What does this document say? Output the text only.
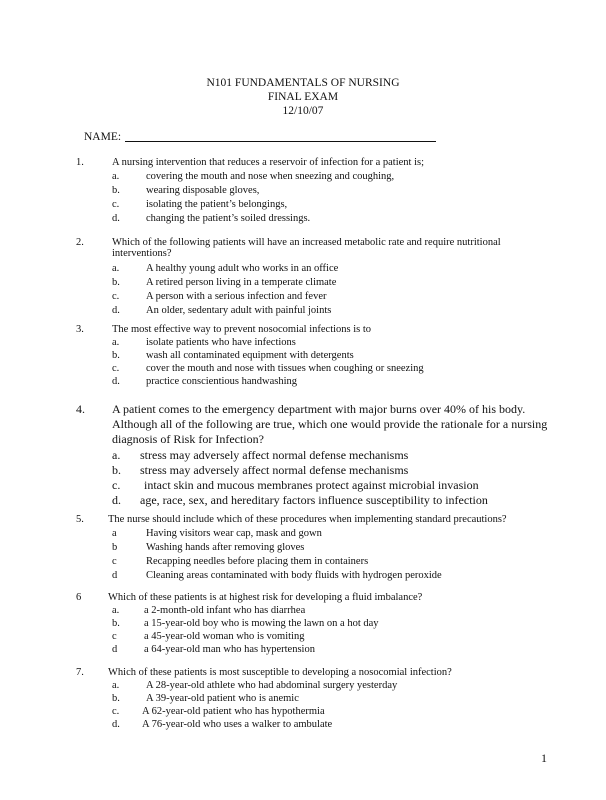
N101 FUNDAMENTALS OF NURSING
FINAL EXAM
12/10/07
NAME:
1.	A nursing intervention that reduces a reservoir of infection for a patient is;
a.	covering the mouth and nose when sneezing and coughing,
b. wearing disposable gloves,
c.	isolating the patient’s belongings,
d. changing the patient’s soiled dressings.
2.	Which of the following patients will have an increased metabolic rate and require nutritional
interventions?
a.	A healthy young adult who works in an office
b. A retired person living in a temperate climate
c.	A person with a serious infection and fever
d. An older, sedentary adult with painful joints
3.	The most effective way to prevent nosocomial infections is to
a.	isolate patients who have infections
b. wash all contaminated equipment with detergents
c.	cover the mouth and nose with tissues when coughing or sneezing
d. practice conscientious handwashing
4. A patient comes to the emergency department with major burns over 40% of his body.
Although all of the following are true, which one would provide the rationale for a nursing
diagnosis of Risk for Infection?
a. stress may adversely affect normal defense mechanisms
b. stress may adversely affect normal defense mechanisms
c. intact skin and mucous membranes protect against microbial invasion
d. age, race, sex, and hereditary factors influence susceptibility to infection
5. The nurse should include which of these procedures when implementing standard precautions?
a	Having visitors wear cap, mask and gown
b	Washing hands after removing gloves
c	Recapping needles before placing them in containers
d	Cleaning areas contaminated with body fluids with hydrogen peroxide
6	Which of these patients is at highest risk for developing a fluid imbalance?
a. a 2-month-old infant who has diarrhea
b. a 15-year-old boy who is mowing the lawn on a hot day
c	a 45-year-old woman who is vomiting
d	a 64-year-old man who has hypertension
7. Which of these patients is most susceptible to developing a nosocomial infection?
a.	A 28-year-old athlete who had abdominal surgery yesterday
b. A 39-year-old patient who is anemic
c. A 62-year-old patient who has hypothermia
d. A 76-year-old who uses a walker to ambulate
1
